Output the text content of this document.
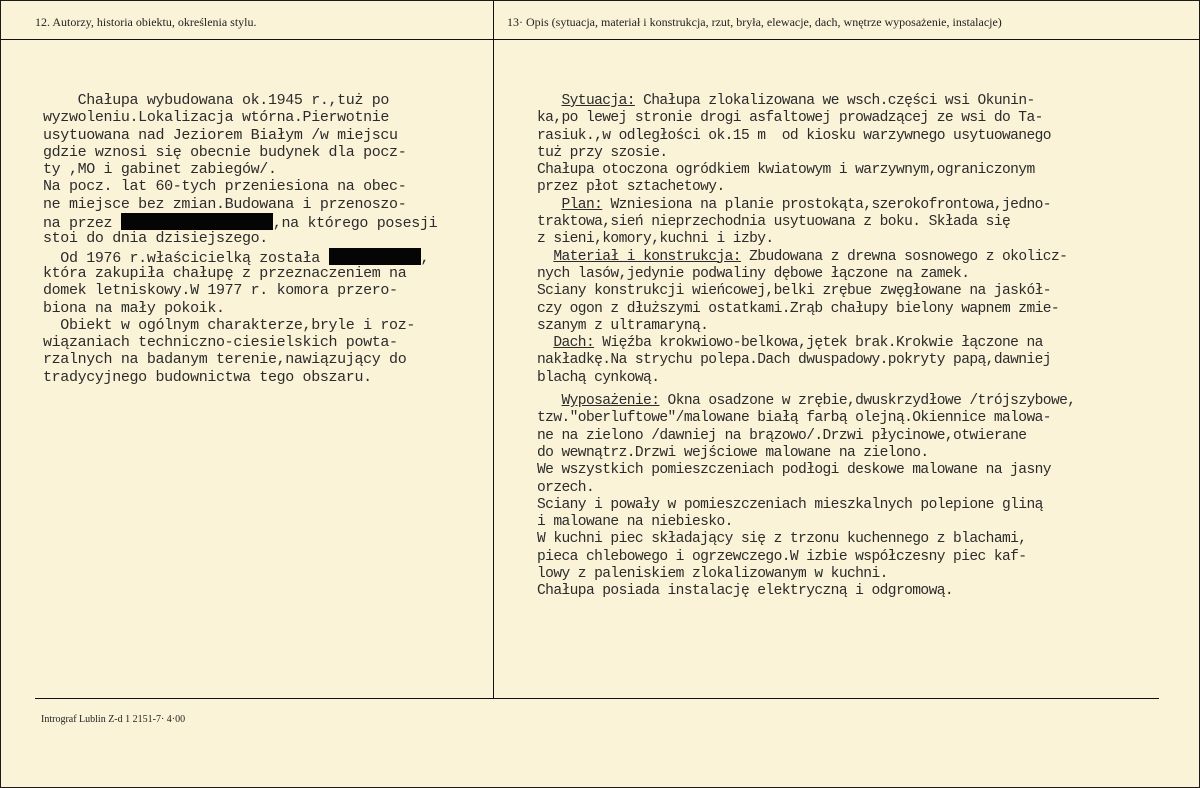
12. Autorzy, historia obiektu, określenia stylu.	13· Opis (sytuacja, materiał i konstrukcja, rzut, bryła, elewacje, dach, wnętrze wyposażenie, instalacje)
Intrograf Lublin Z-d 1 2151-7· 4·00
Chałupa wybudowana ok.1945 r.,tuż po
wyzwoleniu.Lokalizacja wtórna.Pierwotnie
usytuowana nad Jeziorem Białym /w miejscu
gdzie wznosi się obecnie budynek dla pocz-
ty ,MO i gabinet zabiegów/.
Na pocz. lat 60-tych przeniesiona na obec-
ne miejsce bez zmian.Budowana i przenoszo-
na przez	,na którego posesji
stoi do dnia dzisiejszego.
Od 1976 r.właścicielką została	,
która zakupiła chałupę z przeznaczeniem na
domek letniskowy.W 1977 r. komora przero-
biona na mały pokoik.
Obiekt w ogólnym charakterze,bryle i roz-
wiązaniach techniczno-ciesielskich powta-
rzalnych na badanym terenie,nawiązujący do
tradycyjnego budownictwa tego obszaru.
Sytuacja: Chałupa zlokalizowana we wsch.części wsi Okunin-
ka,po lewej stronie drogi asfaltowej prowadzącej ze wsi do Ta-
rasiuk.,w odległości ok.15 m  od kiosku warzywnego usytuowanego
tuż przy szosie.
Chałupa otoczona ogródkiem kwiatowym i warzywnym,ograniczonym
przez płot sztachetowy.
Plan: Wzniesiona na planie prostokąta,szerokofrontowa,jedno-
traktowa,sień nieprzechodnia usytuowana z boku. Składa się
z sieni,komory,kuchni i izby.
Materiał i konstrukcja: Zbudowana z drewna sosnowego z okolicz-
nych lasów,jedynie podwaliny dębowe łączone na zamek.
Sciany konstrukcji wieńcowej,belki zrębue zwęgłowane na jaskół-
czy ogon z dłuższymi ostatkami.Zrąb chałupy bielony wapnem zmie-
szanym z ultramaryną.
Dach: Więźba krokwiowo-belkowa,jętek brak.Krokwie łączone na
nakładkę.Na strychu polepa.Dach dwuspadowy.pokryty papą,dawniej
blachą cynkową.
Wyposażenie: Okna osadzone w zrębie,dwuskrzydłowe /trójszybowe,
tzw."oberluftowe"/malowane białą farbą olejną.Okiennice malowa-
ne na zielono /dawniej na brązowo/.Drzwi płycinowe,otwierane
do wewnątrz.Drzwi wejściowe malowane na zielono.
We wszystkich pomieszczeniach podłogi deskowe malowane na jasny
orzech.
Sciany i powały w pomieszczeniach mieszkalnych polepione gliną
i malowane na niebiesko.
W kuchni piec składający się z trzonu kuchennego z blachami,
pieca chlebowego i ogrzewczego.W izbie współczesny piec kaf-
lowy z paleniskiem zlokalizowanym w kuchni.
Chałupa posiada instalację elektryczną i odgromową.
